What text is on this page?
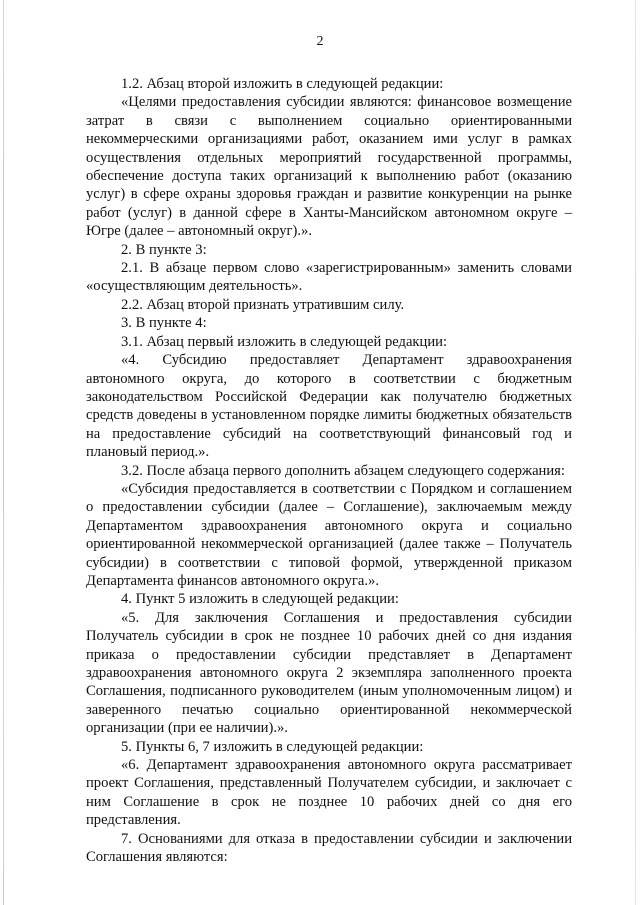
2

1.2. Абзац второй изложить в следующей редакции:

«Целями предоставления субсидии являются: финансовое возмещение затрат в связи с выполнением социально ориентированными некоммерческими организациями работ, оказанием ими услуг в рамках осуществления отдельных мероприятий государственной программы, обеспечение доступа таких организаций к выполнению работ (оказанию услуг) в сфере охраны здоровья граждан и развитие конкуренции на рынке работ (услуг) в данной сфере в Ханты-Мансийском автономном округе – Югре (далее – автономный округ).».

2. В пункте 3:

2.1. В абзаце первом слово «зарегистрированным» заменить словами «осуществляющим деятельность».

2.2. Абзац второй признать утратившим силу.

3. В пункте 4:

3.1. Абзац первый изложить в следующей редакции:

«4. Субсидию предоставляет Департамент здравоохранения автономного округа, до которого в соответствии с бюджетным законодательством Российской Федерации как получателю бюджетных средств доведены в установленном порядке лимиты бюджетных обязательств на предоставление субсидий на соответствующий финансовый год и плановый период.».

3.2. После абзаца первого дополнить абзацем следующего содержания:

«Субсидия предоставляется в соответствии с Порядком и соглашением о предоставлении субсидии (далее – Соглашение), заключаемым между Департаментом здравоохранения автономного округа и социально ориентированной некоммерческой организацией (далее также – Получатель субсидии) в соответствии с типовой формой, утвержденной приказом Департамента финансов автономного округа.».

4. Пункт 5 изложить в следующей редакции:

«5. Для заключения Соглашения и предоставления субсидии Получатель субсидии в срок не позднее 10 рабочих дней со дня издания приказа о предоставлении субсидии представляет в Департамент здравоохранения автономного округа 2 экземпляра заполненного проекта Соглашения, подписанного руководителем (иным уполномоченным лицом) и заверенного печатью социально ориентированной некоммерческой организации (при ее наличии).».

5. Пункты 6, 7 изложить в следующей редакции:

«6. Департамент здравоохранения автономного округа рассматривает проект Соглашения, представленный Получателем субсидии, и заключает с ним Соглашение в срок не позднее 10 рабочих дней со дня его представления.

7. Основаниями для отказа в предоставлении субсидии и заключении Соглашения являются:
